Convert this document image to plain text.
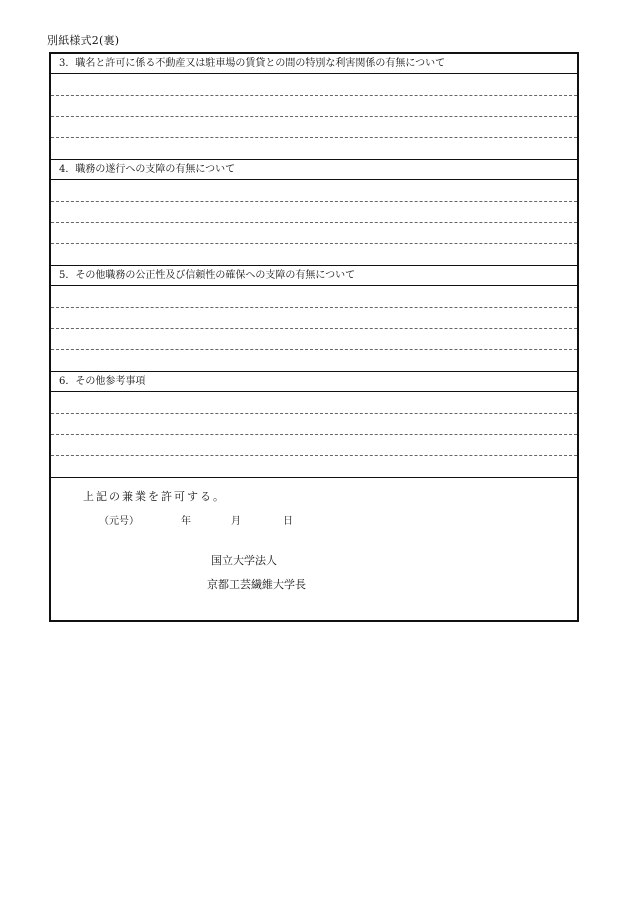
別紙様式2(裏)
3．職名と許可に係る不動産又は駐車場の賃貸との間の特別な利害関係の有無について
4．職務の遂行への支障の有無について
5．その他職務の公正性及び信頼性の確保への支障の有無について
6．その他参考事項
上記の兼業を許可する。
（元号）	年	月	日
国立大学法人
京都工芸繊維大学長
